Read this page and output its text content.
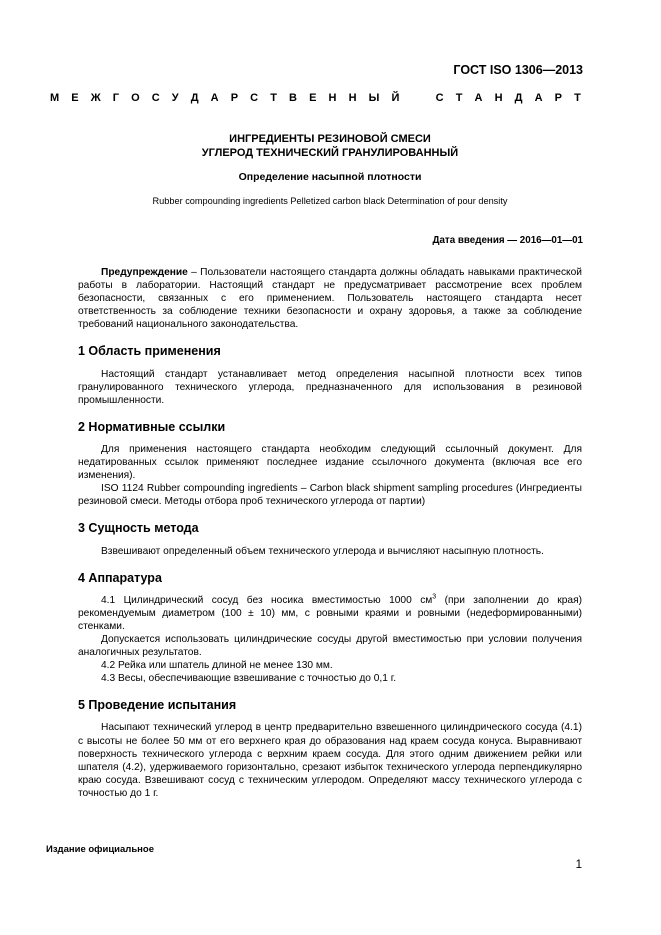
ГОСТ ISO 1306—2013
М Е Ж Г О С У Д А Р С Т В Е Н Н Ы Й	С Т А Н Д А Р Т
ИНГРЕДИЕНТЫ РЕЗИНОВОЙ СМЕСИ
УГЛЕРОД ТЕХНИЧЕСКИЙ ГРАНУЛИРОВАННЫЙ
Определение насыпной плотности
Rubber compounding ingredients Pelletized carbon black Determination of pour density
Дата введения — 2016—01—01

Предупреждение – Пользователи настоящего стандарта должны обладать навыками практической работы в лаборатории. Настоящий стандарт не предусматривает рассмотрение всех проблем безопасности, связанных с его применением. Пользователь настоящего стандарта несет ответственность за соблюдение техники безопасности и охрану здоровья, а также за соблюдение требований национального законодательства.

1 Область применения

Настоящий стандарт устанавливает метод определения насыпной плотности всех типов гранулированного технического углерода, предназначенного для использования в резиновой промышленности.

2 Нормативные ссылки

Для применения настоящего стандарта необходим следующий ссылочный документ. Для недатированных ссылок применяют последнее издание ссылочного документа (включая все его изменения).

ISO 1124 Rubber compounding ingredients – Carbon black shipment sampling procedures (Ингредиенты резиновой смеси. Методы отбора проб технического углерода от партии)

3 Сущность метода

Взвешивают определенный объем технического углерода и вычисляют насыпную плотность.

4 Аппаратура

4.1 Цилиндрический сосуд без носика вместимостью 1000 $см^3$ (при заполнении до края) рекомендуемым диаметром (100 ± 10) мм, с ровными краями и ровными (недеформированными) стенками.

Допускается использовать цилиндрические сосуды другой вместимостью при условии получения аналогичных результатов.

4.2 Рейка или шпатель длиной не менее 130 мм.

4.3 Весы, обеспечивающие взвешивание с точностью до 0,1 г.

5 Проведение испытания

Насыпают технический углерод в центр предварительно взвешенного цилиндрического сосуда (4.1) с высоты не более 50 мм от его верхнего края до образования над краем сосуда конуса. Выравнивают поверхность технического углерода с верхним краем сосуда. Для этого одним движением рейки или шпателя (4.2), удерживаемого горизонтально, срезают избыток технического углерода перпендикулярно краю сосуда. Взвешивают сосуд с техническим углеродом. Определяют массу технического углерода с точностью до 1 г.

Издание официальное
1
